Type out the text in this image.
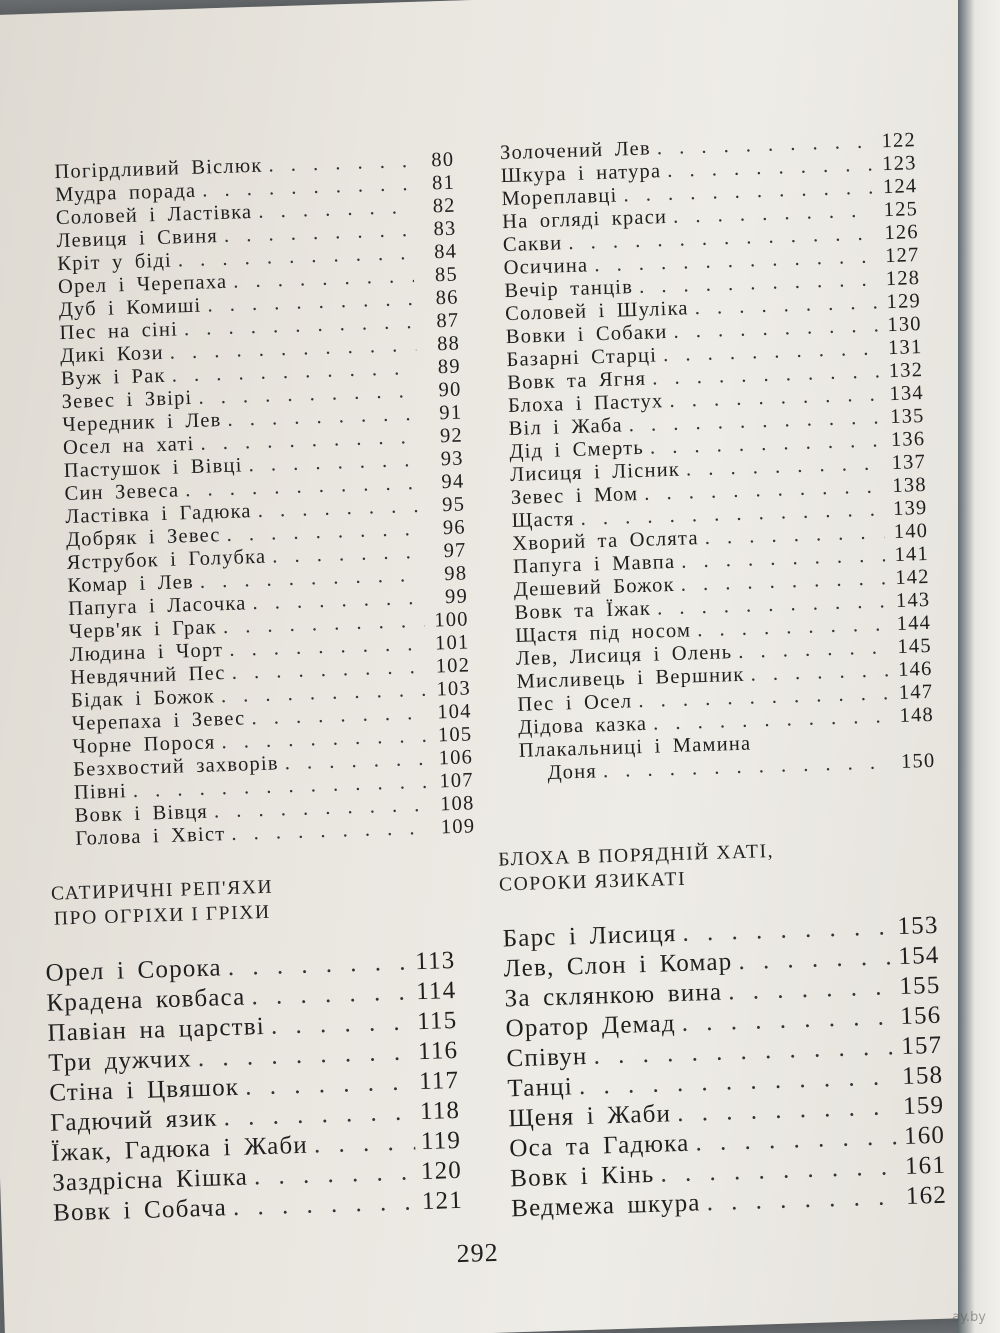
Погірдливий Віслюк . . .	80
Мудра порада . . .	81
Соловей і Ластівка . . .	82
Левиця і Свиня . . .	83
Кріт у біді . . .	84
Орел і Черепаха . . .	85
Дуб і Комиші . . .	86
Пес на сіні . . .	87
Дикі Кози . . .	88
Вуж і Рак . . .	89
Зевес і Звірі . . .	90
Чередник і Лев . . .	91
Осел на хаті . . .	92
Пастушок і Вівці . . .	93
Син Зевеса . . .	94
Ластівка і Гадюка . . .	95
Добряк і Зевес . . .	96
Яструбок і Голубка . . .	97
Комар і Лев . . .	98
Папуга і Ласочка . . .	99
Черв'як і Грак . . .	100
Людина і Чорт . . .	101
Невдячний Пес . . .	102
Бідак і Божок . . .	103
Черепаха і Зевес . . .	104
Чорне Порося . . .	105
Безхвостий захворів . . .	106
Півні . . .	107
Вовк і Вівця . . .	108
Голова і Хвіст . . .	109
Золочений Лев . . .	122
Шкура і натура . . .	123
Мореплавці . . .	124
На огляді краси . . .	125
Сакви . . .	126
Осичина . . .	127
Вечір танців . . .	128
Соловей і Шуліка . . .	129
Вовки і Собаки . . .	130
Базарні Старці . . .	131
Вовк та Ягня . . .	132
Блоха і Пастух . . .	134
Віл і Жаба . . .	135
Дід і Смерть . . .	136
Лисиця і Лісник . . .	137
Зевес і Мом . . .	138
Щастя . . .	139
Хворий та Ослята . . .	140
Папуга і Мавпа . . .	141
Дешевий Божок . . .	142
Вовк та Їжак . . .	143
Щастя під носом . . .	144
Лев, Лисиця і Олень . . .	145
Мисливець і Вершник . . .	146
Пес і Осел . . .	147
Дідова казка . . .	148
Плакальниці і Мамина
Доня . . .	150
САТИРИЧНІ РЕП'ЯХИ
ПРО ОГРІХИ І ГРІХИ
БЛОХА В ПОРЯДНІЙ ХАТІ,
СОРОКИ ЯЗИКАТІ
Орел і Сорока . . .	113
Крадена ковбаса . . .	114
Павіан на царстві . . .	115
Три дужчих . . .	116
Стіна і Цвяшок . . .	117
Гадючий язик . . .	118
Їжак, Гадюка і Жаби . . .	119
Заздрісна Кішка . . .	120
Вовк і Собача . . .	121
Барс і Лисиця . . .	153
Лев, Слон і Комар . . .	154
За склянкою вина . . .	155
Оратор Демад . . .	156
Співун . . .	157
Танці . . .	158
Щеня і Жаби . . .	159
Оса та Гадюка . . .	160
Вовк і Кінь . . .	161
Ведмежа шкура . . .	162
292
ay.by
